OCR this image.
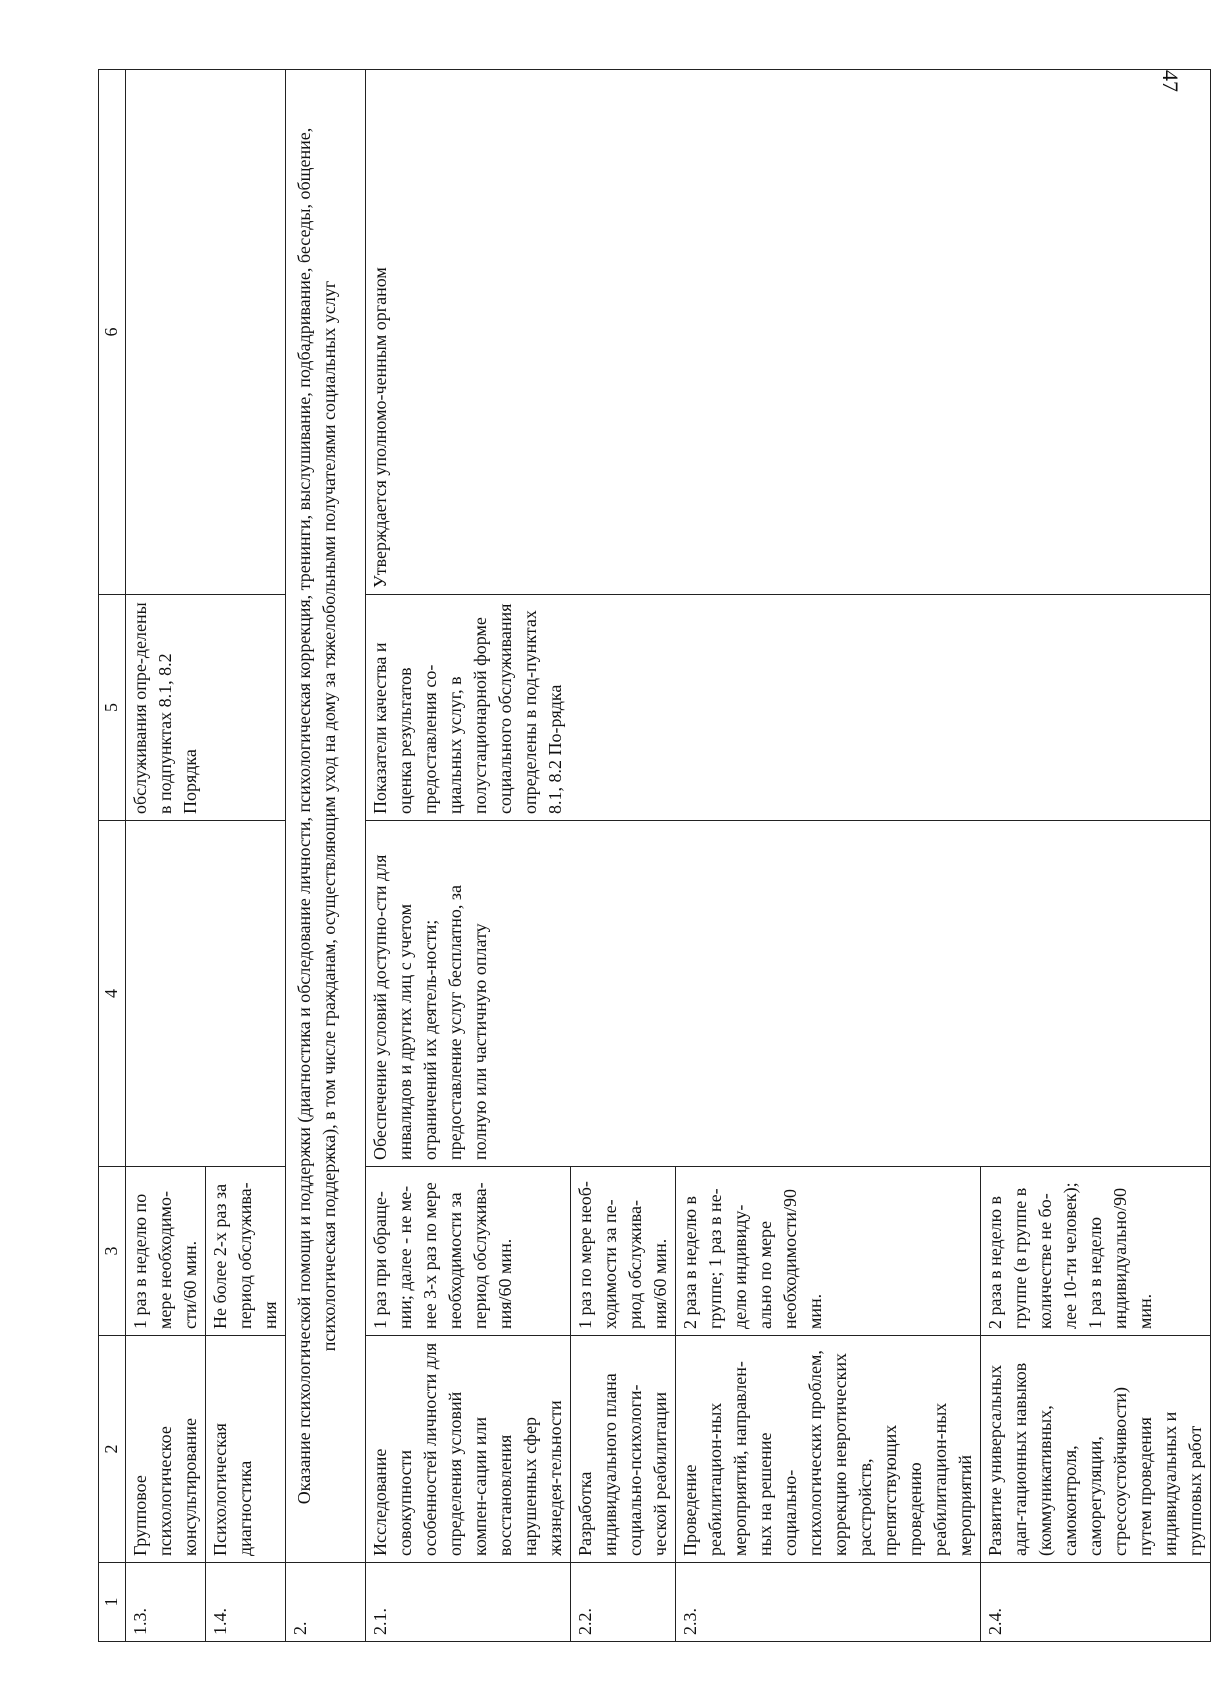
47
1	2	3	4	5	6
1.3.	Групповое психологическое консультирование	1 раз в неделю по мере необходимо-сти/60 мин.		обслуживания опре-делены в подпунктах 8.1, 8.2 Порядка	
1.4.	Психологическая диагностика	Не более 2-х раз за период обслужива-ния			
2.	Оказание психологической помощи и поддержки (диагностика и обследование личности, психологическая коррекция, тренинги, выслушивание, подбадривание, беседы, общение, психологическая поддержка), в том числе гражданам, осуществляющим уход на дому за тяжелобольными получателями социальных услуг				
2.1.	Исследование совокупности особенностей личности для определения условий компен-сации или восстановления нарушенных сфер жизнедея-тельности	1 раз при обраще-нии; далее - не ме-нее 3-х раз по мере необходимости за период обслужива-ния/60 мин.	Обеспечение условий доступно-сти для инвалидов и других лиц с учетом ограничений их деятель-ности; предоставление услуг бесплатно, за полную или частичную оплату	Показатели качества и оценка результатов предоставления со-циальных услуг, в полустационарной форме социального обслуживания определены в под-пунктах 8.1, 8.2 По-рядка	Утверждается уполномо-ченным органом
2.2.	Разработка индивидуального плана социально-психологи-ческой реабилитации	1 раз по мере необ-ходимости за пе-риод обслужива-ния/60 мин.			
2.3.	Проведение реабилитацион-ных мероприятий, направлен-ных на решение социально-психологических проблем, коррекцию невротических расстройств, препятствующих проведению реабилитацион-ных мероприятий	2 раза в неделю в группе; 1 раз в не-делю индивиду-ально по мере необходимости/90 мин.			
2.4.	Развитие универсальных адап-тационных навыков (коммуникативных, самоконтроля, саморегуляции, стрессоустойчивости) путем проведения индивидуальных и групповых работ	2 раза в неделю в группе (в группе в количестве не бо-лее 10-ти человек); 1 раз в неделю индивидуально/90 мин.			
